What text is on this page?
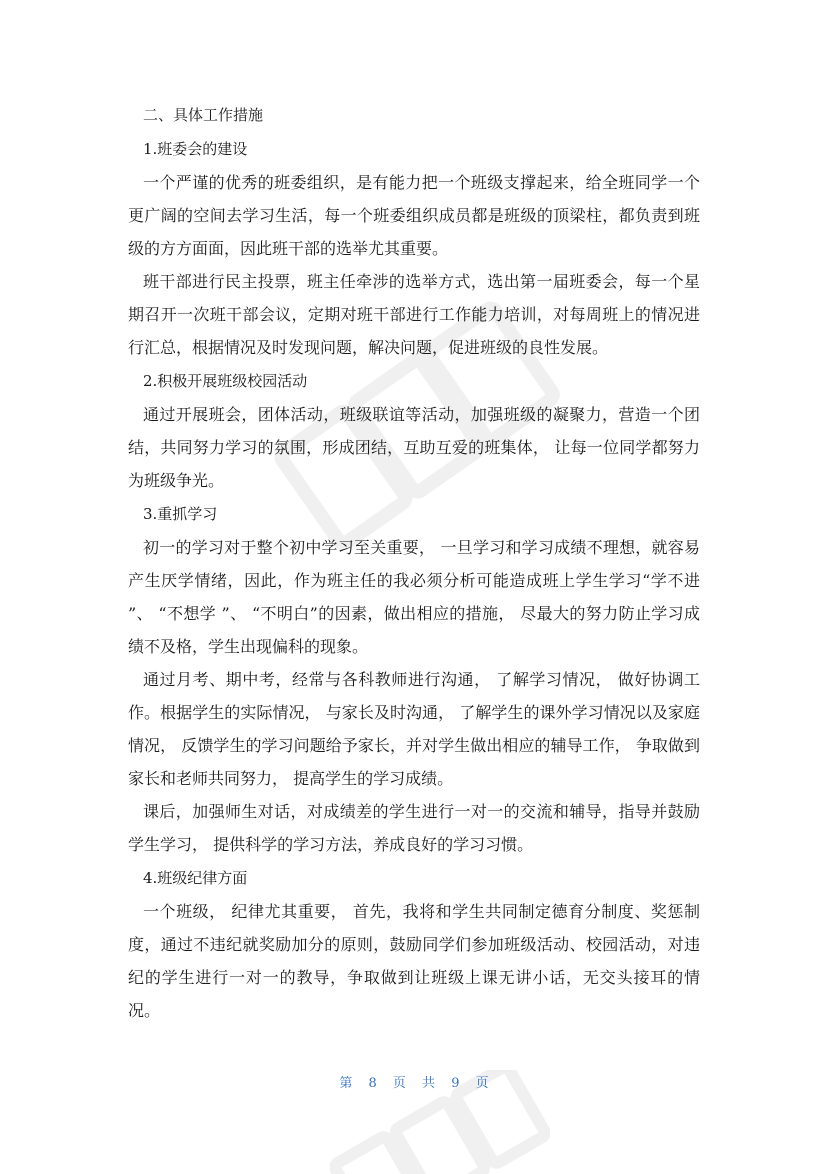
二、具体工作措施

1.班委会的建设

一个严谨的优秀的班委组织，是有能力把一个班级支撑起来，给全班同学一个更广阔的空间去学习生活，每一个班委组织成员都是班级的顶梁柱，都负责到班级的方方面面，因此班干部的选举尤其重要。

班干部进行民主投票，班主任牵涉的选举方式，选出第一届班委会，每一个星期召开一次班干部会议，定期对班干部进行工作能力培训，对每周班上的情况进行汇总，根据情况及时发现问题，解决问题，促进班级的良性发展。

2.积极开展班级校园活动

通过开展班会，团体活动，班级联谊等活动，加强班级的凝聚力，营造一个团结，共同努力学习的氛围，形成团结，互助互爱的班集体， 让每一位同学都努力为班级争光。

3.重抓学习

初一的学习对于整个初中学习至关重要， 一旦学习和学习成绩不理想，就容易产生厌学情绪，因此，作为班主任的我必须分析可能造成班上学生学习“学不进 ”、 “不想学 ”、 “不明白”的因素，做出相应的措施， 尽最大的努力防止学习成绩不及格，学生出现偏科的现象。

通过月考、期中考，经常与各科教师进行沟通， 了解学习情况， 做好协调工作。根据学生的实际情况， 与家长及时沟通， 了解学生的课外学习情况以及家庭情况， 反馈学生的学习问题给予家长，并对学生做出相应的辅导工作， 争取做到家长和老师共同努力， 提高学生的学习成绩。

课后，加强师生对话，对成绩差的学生进行一对一的交流和辅导，指导并鼓励学生学习， 提供科学的学习方法，养成良好的学习习惯。

4.班级纪律方面

一个班级， 纪律尤其重要， 首先，我将和学生共同制定德育分制度、奖惩制度，通过不违纪就奖励加分的原则，鼓励同学们参加班级活动、校园活动，对违纪的学生进行一对一的教导，争取做到让班级上课无讲小话，无交头接耳的情况。

第 8 页 共 9 页
